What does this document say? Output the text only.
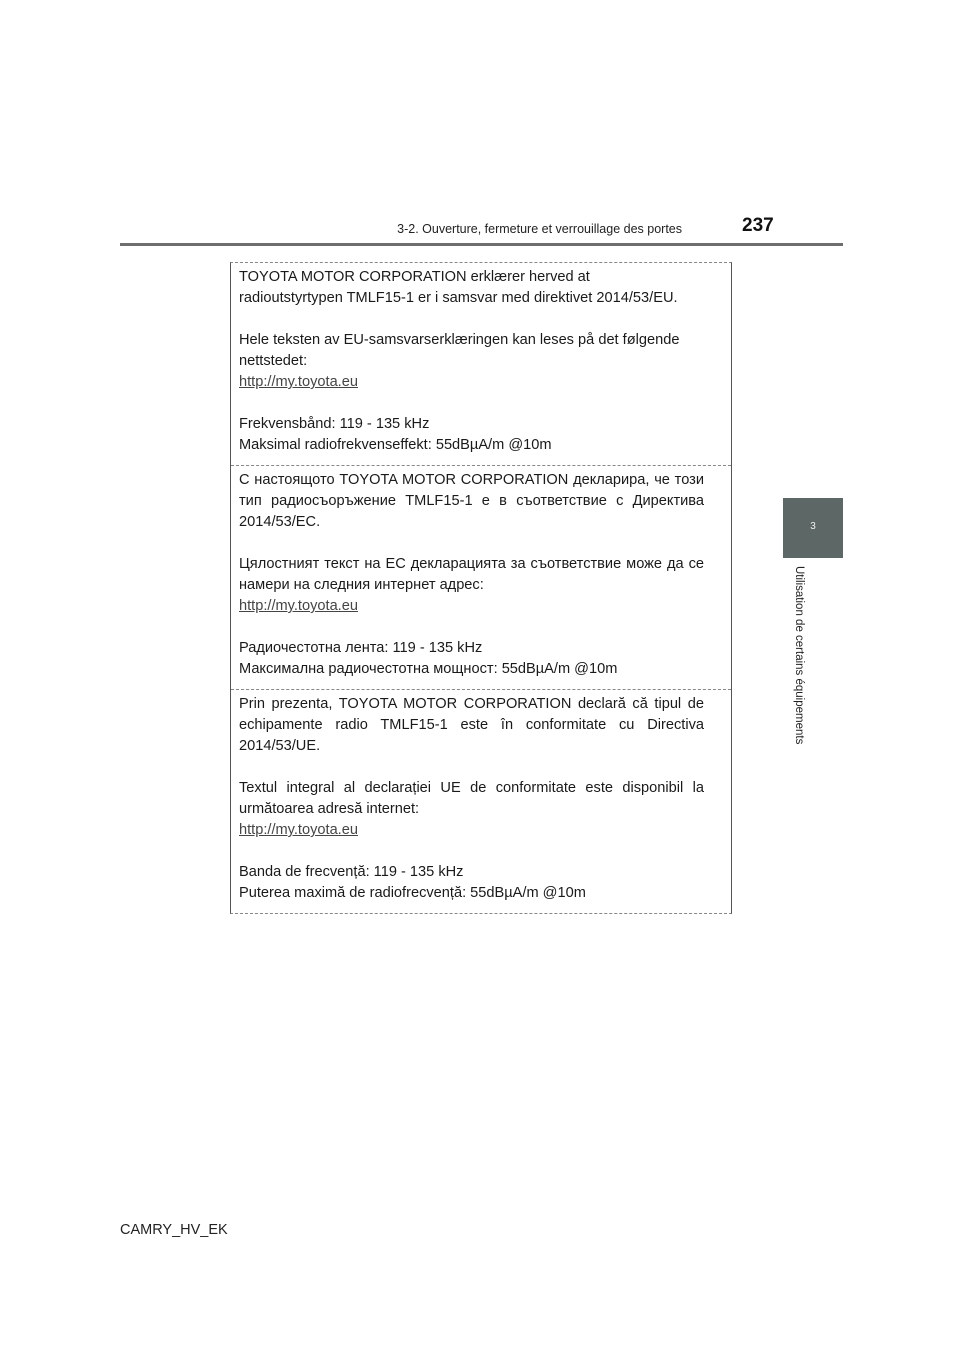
3-2. Ouverture, fermeture et verrouillage des portes	237
3
Utilisation de certains équipements

TOYOTA MOTOR CORPORATION erklærer herved at

radioutstyrtypen TMLF15-1 er i samsvar med direktivet 2014/53/EU.

Hele teksten av EU-samsvarserklæringen kan leses på det følgende

nettstedet:

http://my.toyota.eu

Frekvensbånd: 119 - 135 kHz

Maksimal radiofrekvenseffekt: 55dBµA/m @10m

С настоящото TOYOTA MOTOR CORPORATION декларира, че този тип радиосъоръжение TMLF15-1 е в съответствие с Директива 2014/53/ЕС.

Цялостният текст на ЕС декларацията за съответствие може да се намери на следния интернет адрес:

http://my.toyota.eu

Радиочестотна лента: 119 - 135 kHz

Максимална радиочестотна мощност: 55dBµA/m @10m

Prin prezenta, TOYOTA MOTOR CORPORATION declară că tipul de echipamente radio TMLF15-1 este în conformitate cu Directiva 2014/53/UE.

Textul integral al declarației UE de conformitate este disponibil la următoarea adresă internet:

http://my.toyota.eu

Banda de frecvență: 119 - 135 kHz

Puterea maximă de radiofrecvență: 55dBµA/m @10m

CAMRY_HV_EK
